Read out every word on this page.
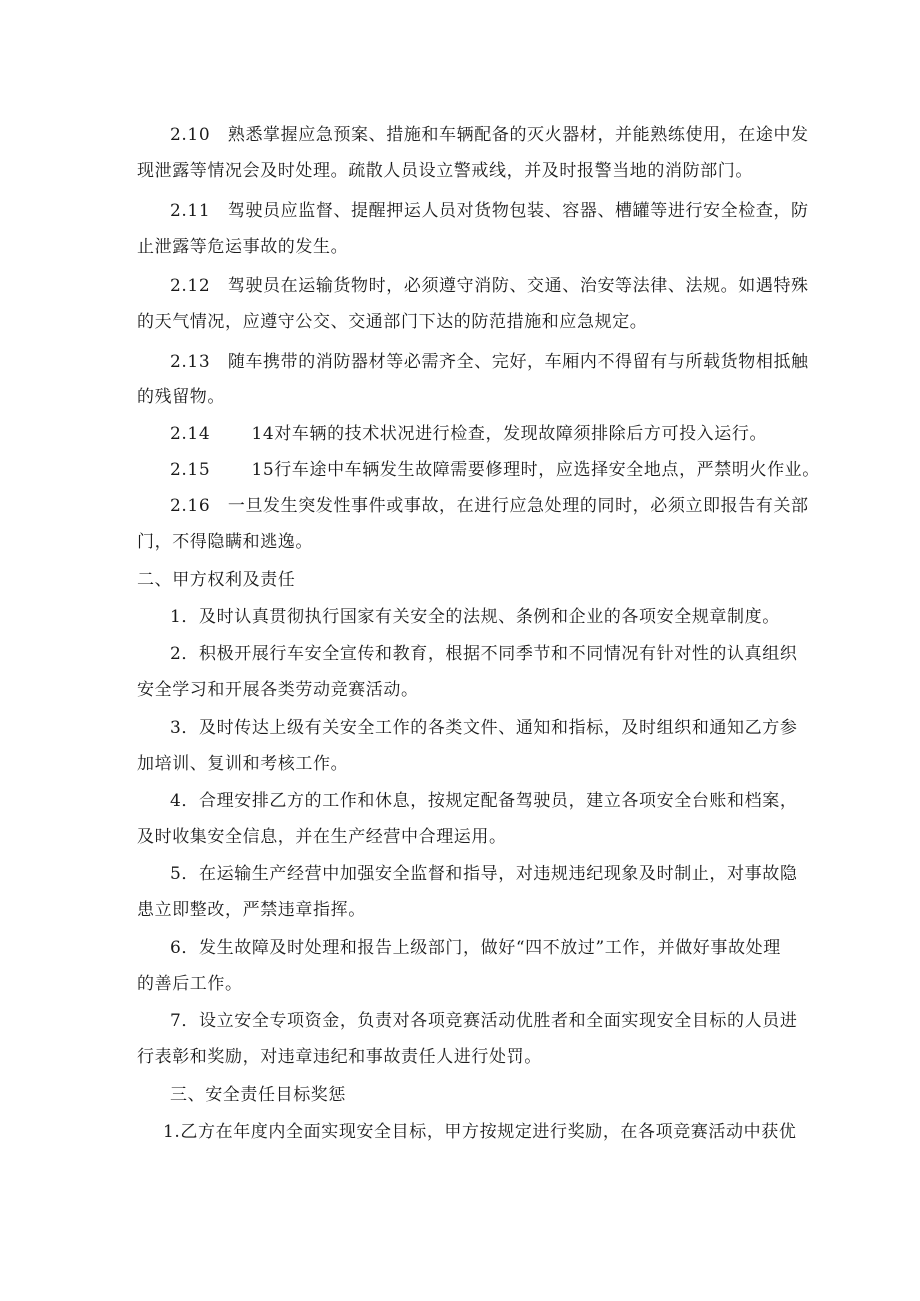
2.10　熟悉掌握应急预案、措施和车辆配备的灭火器材，并能熟练使用，在途中发
现泄露等情况会及时处理。疏散人员设立警戒线，并及时报警当地的消防部门。
2.11　驾驶员应监督、提醒押运人员对货物包装、容器、槽罐等进行安全检查，防
止泄露等危运事故的发生。
2.12　驾驶员在运输货物时，必须遵守消防、交通、治安等法律、法规。如遇特殊
的天气情况，应遵守公交、交通部门下达的防范措施和应急规定。
2.13　随车携带的消防器材等必需齐全、完好，车厢内不得留有与所载货物相抵触
的残留物。
2.14　　 14对车辆的技术状况进行检查，发现故障须排除后方可投入运行。
2.15　　 15行车途中车辆发生故障需要修理时，应选择安全地点，严禁明火作业。
2.16　一旦发生突发性事件或事故，在进行应急处理的同时，必须立即报告有关部
门，不得隐瞒和逃逸。
二、甲方权利及责任
1．及时认真贯彻执行国家有关安全的法规、条例和企业的各项安全规章制度。
2．积极开展行车安全宣传和教育，根据不同季节和不同情况有针对性的认真组织
安全学习和开展各类劳动竞赛活动。
3．及时传达上级有关安全工作的各类文件、通知和指标，及时组织和通知乙方参
加培训、复训和考核工作。
4．合理安排乙方的工作和休息，按规定配备驾驶员，建立各项安全台账和档案，
及时收集安全信息，并在生产经营中合理运用。
5．在运输生产经营中加强安全监督和指导，对违规违纪现象及时制止，对事故隐
患立即整改，严禁违章指挥。
6．发生故障及时处理和报告上级部门，做好“四不放过”工作，并做好事故处理
的善后工作。
7．设立安全专项资金，负责对各项竞赛活动优胜者和全面实现安全目标的人员进
行表彰和奖励，对违章违纪和事故责任人进行处罚。
三、安全责任目标奖惩
1.乙方在年度内全面实现安全目标，甲方按规定进行奖励，在各项竞赛活动中获优
